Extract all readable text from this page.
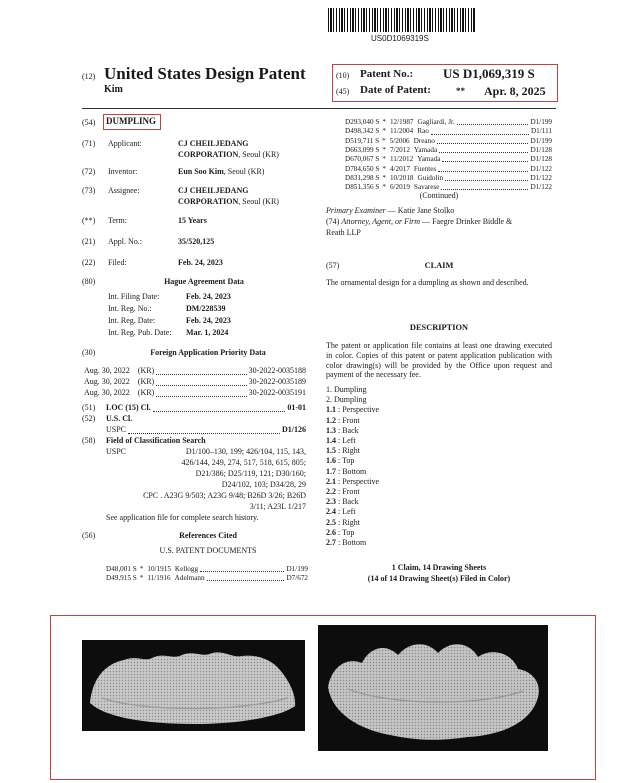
US0D1069319S
(12) United States Design Patent
Kim
(10) Patent No.: US D1,069,319 S
(45) Date of Patent:	** Apr. 8, 2025
(54) DUMPLING
(71) Applicant:	CJ CHEILJEDANG CORPORATION, Seoul (KR)
(72) Inventor:	Eun Soo Kim, Seoul (KR)
(73) Assignee:	CJ CHEILJEDANG CORPORATION, Seoul (KR)
(**) Term:	15 Years
(21) Appl. No.:	35/520,125
(22) Filed:	Feb. 24, 2023
(80)	Hague Agreement Data
Int. Filing Date:	Feb. 24, 2023
Int. Reg. No.:	DM/228539
Int. Reg. Date:	Feb. 24, 2023
Int. Reg. Pub. Date: Mar. 1, 2024
(30)	Foreign Application Priority Data
Aug. 30, 2022 (KR)	30-2022-0035188
Aug. 30, 2022 (KR)	30-2022-0035189
Aug. 30, 2022 (KR)	30-2022-0035191
(51) LOC (15) Cl.	01-01
(52) U.S. Cl.
USPC	D1/126
(58) Field of Classification Search
USPC	D1/100–130, 199; 426/104, 115, 143,
426/144, 249, 274, 517, 518, 615, 805;
D21/386; D25/119, 121; D30/160;
D24/102, 103; D34/28, 29
CPC . A23G 9/503; A23G 9/48; B26D 3/26; B26D
3/11; A23L 1/217
See application file for complete search history.
(56)	References Cited
U.S. PATENT DOCUMENTS
D48,001 S * 10/1915 Kellogg	D1/199
D49,915 S * 11/1916 Adelmann	D7/672
D293,040 S * 12/1987 Gagliardi, Jr.	D1/199
D498,342 S * 11/2004 Rao	D1/111
D519,711 S * 5/2006 Dreano	D1/199
D663,099 S * 7/2012 Yamada	D1/128
D670,067 S * 11/2012 Yamada	D1/128
D784,650 S * 4/2017 Fuentes	D1/122
D831,298 S * 10/2018 Guidolin	D1/122
D851,356 S * 6/2019 Savarese	D1/122
(Continued)
Primary Examiner — Katie Jane Stolko
(74) Attorney, Agent, or Firm — Faegre Drinker Biddle &
Reath LLP
(57)	CLAIM
The ornamental design for a dumpling as shown and described.
DESCRIPTION
The patent or application file contains at least one drawing executed in color. Copies of this patent or patent application publication with color drawing(s) will be provided by the Office upon request and payment of the necessary fee.
1. Dumpling
2. Dumpling
1.1 : Perspective
1.2 : Front
1.3 : Back
1.4 : Left
1.5 : Right
1.6 : Top
1.7 : Bottom
2.1 : Perspective
2.2 : Front
2.3 : Back
2.4 : Left
2.5 : Right
2.6 : Top
2.7 : Bottom
1 Claim, 14 Drawing Sheets
(14 of 14 Drawing Sheet(s) Filed in Color)
